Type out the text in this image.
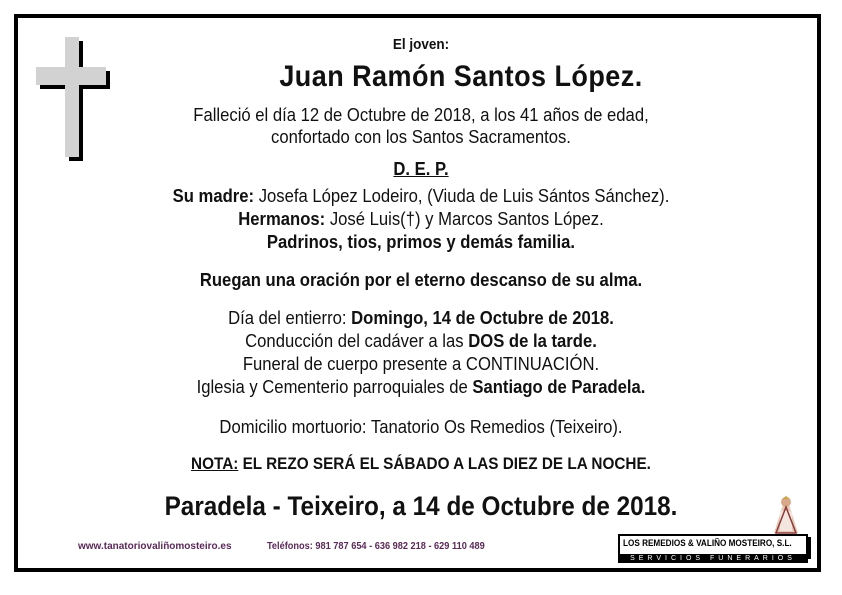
El joven:
Juan Ramón Santos López.
Falleció el día 12 de Octubre de 2018, a los 41 años de edad,
confortado con los Santos Sacramentos.
D. E. P.
Su madre: Josefa López Lodeiro, (Viuda de Luis Sántos Sánchez).
Hermanos: José Luis(†) y Marcos Santos López.
Padrinos, tios, primos y demás familia.
Ruegan una oración por el eterno descanso de su alma.
Día del entierro: Domingo, 14 de Octubre de 2018.
Conducción del cadáver a las DOS de la tarde.
Funeral de cuerpo presente a CONTINUACIÓN.
Iglesia y Cementerio parroquiales de Santiago de Paradela.
Domicilio mortuorio: Tanatorio Os Remedios (Teixeiro).
NOTA: EL REZO SERÁ EL SÁBADO A LAS DIEZ DE LA NOCHE.
Paradela - Teixeiro, a 14 de Octubre de 2018.
www.tanatoriovaliñomosteiro.es	Teléfonos: 981 787 654 - 636 982 218 - 629 110 489	LOS REMEDIOS & VALIÑO MOSTEIRO, S.L.
SERVICIOS FUNERARIOS
